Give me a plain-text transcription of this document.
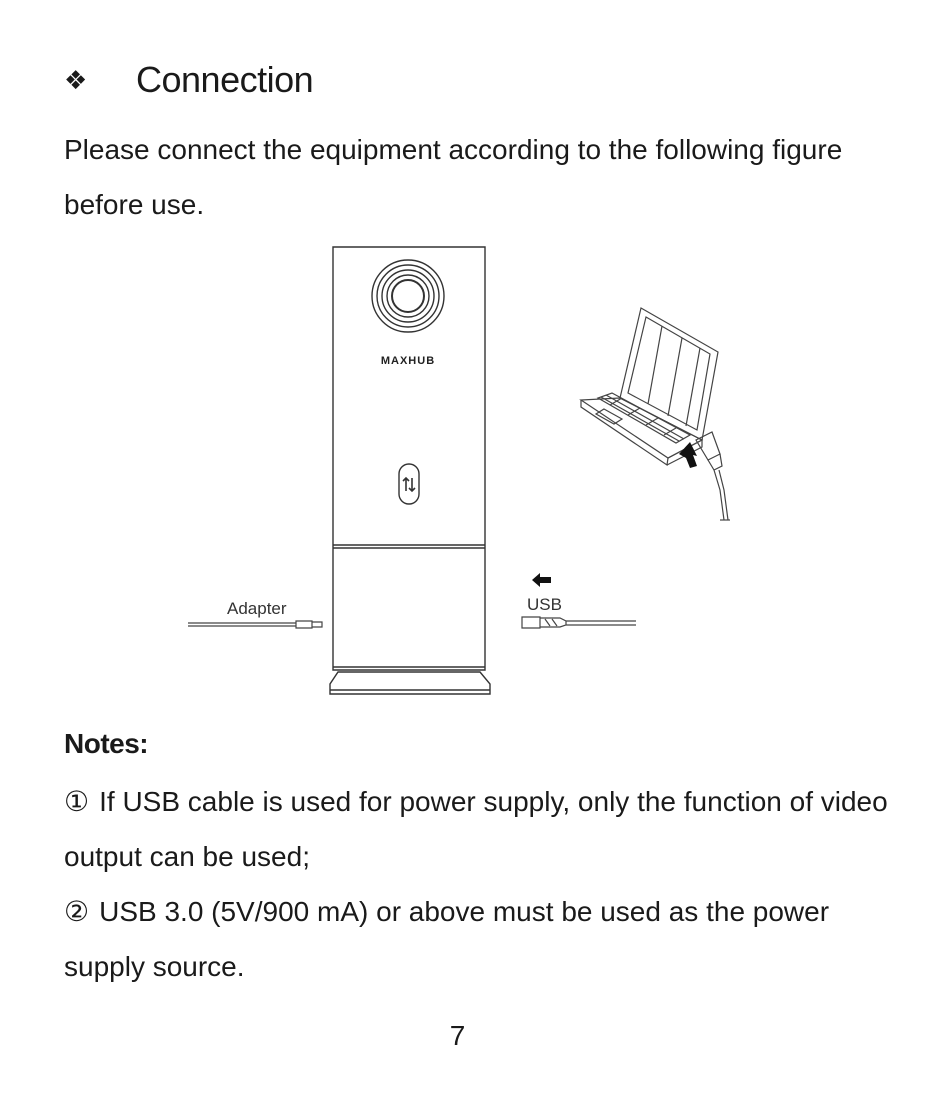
❖	Connection

Please connect the equipment according to the following figure before use.

MAXHUB
Adapter	USB
Notes:
① If USB cable is used for power supply, only the function of video output can be used;
② USB 3.0 (5V/900 mA) or above must be used as the power supply source.
7
